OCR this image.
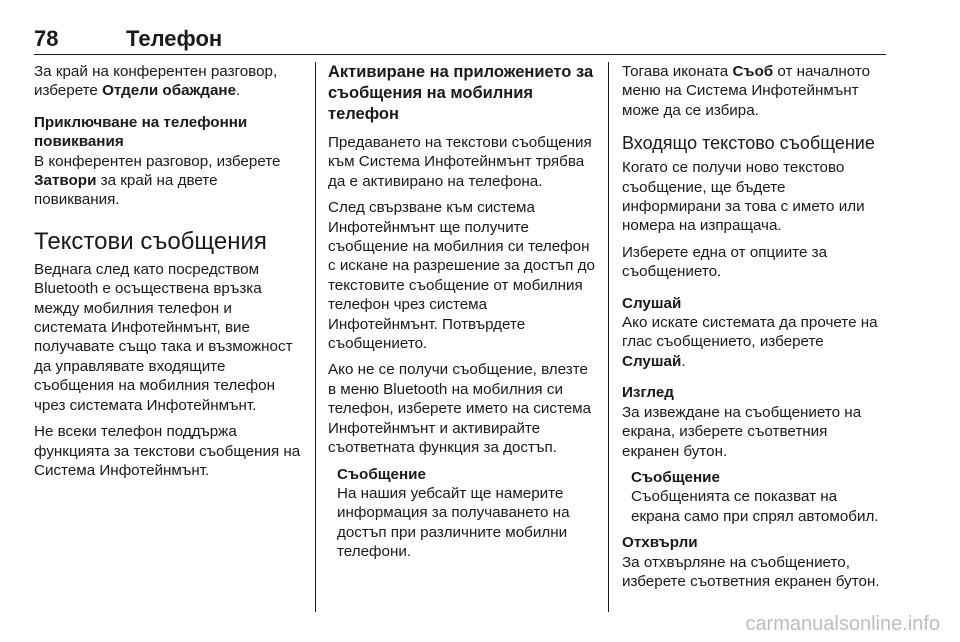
78	Телефон

За край на конферентен разговор, изберете Отдели обаждане.

Приключване на телефонни повиквания

В конферентен разговор, изберете Затвори за край на двете повиквания.

Текстови съобщения

Веднага след като посредством Bluetooth е осъществена връзка между мобилния телефон и системата Инфотейнмънт, вие получавате също така и възможност да управлявате входящите съобщения на мобилния телефон чрез системата Инфотейнмънт.

Не всеки телефон поддържа функцията за текстови съобщения на Система Инфотейнмънт.

Активиране на приложението за съобщения на мобилния телефон

Предаването на текстови съобщения към Система Инфотейнмънт трябва да е активирано на телефона.

След свързване към система Инфотейнмънт ще получите съобщение на мобилния си телефон с искане на разрешение за достъп до текстовите съобщение от мобилния телефон чрез система Инфотейнмънт. Потвърдете съобщението.

Ако не се получи съобщение, влезте в меню Bluetooth на мобилния си телефон, изберете името на система Инфотейнмънт и активирайте съответната функция за достъп.

Съобщение

На нашия уебсайт ще намерите информация за получаването на достъп при различните мобилни телефони.

Тогава иконата Съоб от началното меню на Система Инфотейнмънт може да се избира.

Входящо текстово съобщение

Когато се получи ново текстово съобщение, ще бъдете информирани за това с името или номера на изпращача.

Изберете една от опциите за съобщението.

Слушай

Ако искате системата да прочете на глас съобщението, изберете Слушай.

Изглед

За извеждане на съобщението на екрана, изберете съответния екранен бутон.

Съобщение

Съобщенията се показват на екрана само при спрял автомобил.

Отхвърли

За отхвърляне на съобщението, изберете съответния екранен бутон.

carmanualsonline.info
